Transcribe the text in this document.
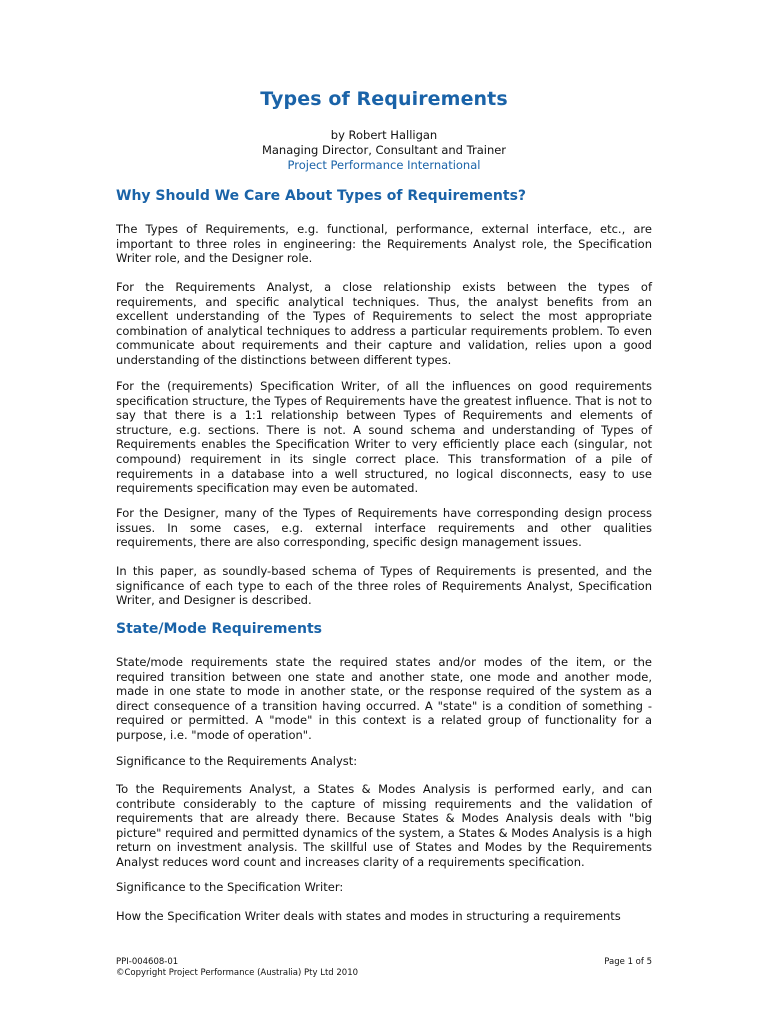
Types of Requirements
by Robert Halligan
Managing Director, Consultant and Trainer
Project Performance International
Why Should We Care About Types of Requirements?

The Types of Requirements, e.g. functional, performance, external interface, etc., are important to three roles in engineering: the Requirements Analyst role, the Specification Writer role, and the Designer role.

For the Requirements Analyst, a close relationship exists between the types of requirements, and specific analytical techniques. Thus, the analyst benefits from an excellent understanding of the Types of Requirements to select the most appropriate combination of analytical techniques to address a particular requirements problem. To even communicate about requirements and their capture and validation, relies upon a good understanding of the distinctions between different types.

For the (requirements) Specification Writer, of all the influences on good requirements specification structure, the Types of Requirements have the greatest influence. That is not to say that there is a 1:1 relationship between Types of Requirements and elements of structure, e.g. sections. There is not. A sound schema and understanding of Types of Requirements enables the Specification Writer to very efficiently place each (singular, not compound) requirement in its single correct place. This transformation of a pile of requirements in a database into a well structured, no logical disconnects, easy to use requirements specification may even be automated.

For the Designer, many of the Types of Requirements have corresponding design process issues. In some cases, e.g. external interface requirements and other qualities requirements, there are also corresponding, specific design management issues.

In this paper, as soundly-based schema of Types of Requirements is presented, and the significance of each type to each of the three roles of Requirements Analyst, Specification Writer, and Designer is described.

State/Mode Requirements

State/mode requirements state the required states and/or modes of the item, or the required transition between one state and another state, one mode and another mode, made in one state to mode in another state, or the response required of the system as a direct consequence of a transition having occurred. A "state" is a condition of something - required or permitted. A "mode" in this context is a related group of functionality for a purpose, i.e. "mode of operation".

Significance to the Requirements Analyst:

To the Requirements Analyst, a States & Modes Analysis is performed early, and can contribute considerably to the capture of missing requirements and the validation of requirements that are already there. Because States & Modes Analysis deals with "big picture" required and permitted dynamics of the system, a States & Modes Analysis is a high return on investment analysis. The skillful use of States and Modes by the Requirements Analyst reduces word count and increases clarity of a requirements specification.

Significance to the Specification Writer:

How the Specification Writer deals with states and modes in structuring a requirements

PPI-004608-01
©Copyright Project Performance (Australia) Pty Ltd 2010
Page 1 of 5
